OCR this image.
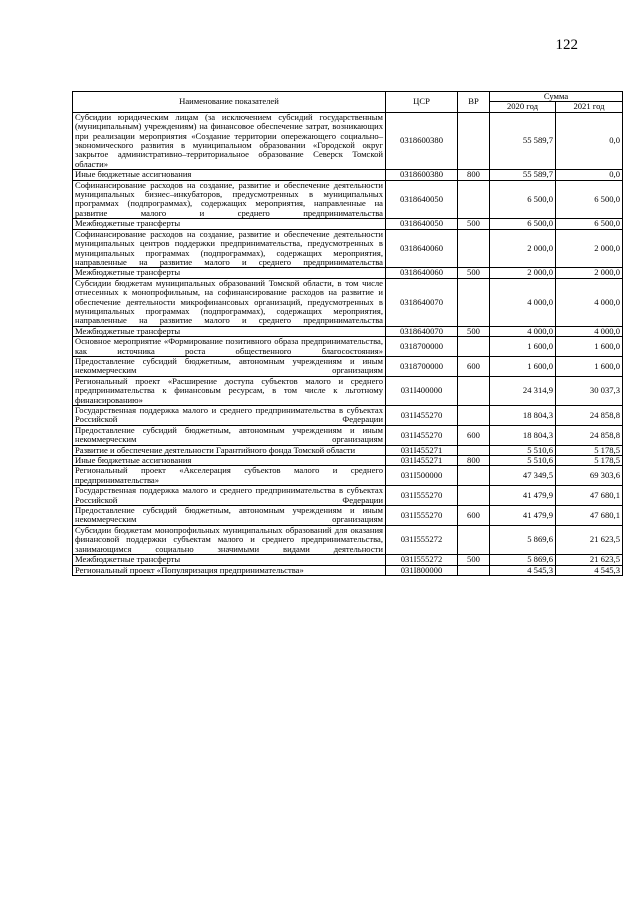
122
Наименование показателей	ЦСР	ВР	Сумма	
			2020 год	2021 год
Субсидии юридическим лицам (за исключением субсидий государственным (муниципальным) учреждениям) на финансовое обеспечение затрат, возникающих при реализации мероприятия «Создание территории опережающего социально–экономического развития в муниципальном образовании «Городской округ закрытое административно–территориальное образование Северск Томской области»	0318600380		55 589,7	0,0
Иные бюджетные ассигнования	0318600380	800	55 589,7	0,0
Софинансирование расходов на создание, развитие и обеспечение деятельности муниципальных бизнес–инкубаторов, предусмотренных в муниципальных программах (подпрограммах), содержащих мероприятия, направленные на развитие малого и среднего предпринимательства	0318640050		6 500,0	6 500,0
Межбюджетные трансферты	0318640050	500	6 500,0	6 500,0
Софинансирование расходов на создание, развитие и обеспечение деятельности муниципальных центров поддержки предпринимательства, предусмотренных в муниципальных программах (подпрограммах), содержащих мероприятия, направленные на развитие малого и среднего предпринимательства	0318640060		2 000,0	2 000,0
Межбюджетные трансферты	0318640060	500	2 000,0	2 000,0
Субсидии бюджетам муниципальных образований Томской области, в том числе отнесенных к монопрофильным, на софинансирование расходов на развитие и обеспечение деятельности микрофинансовых организаций, предусмотренных в муниципальных программах (подпрограммах), содержащих мероприятия, направленные на развитие малого и среднего предпринимательства	0318640070		4 000,0	4 000,0
Межбюджетные трансферты	0318640070	500	4 000,0	4 000,0
Основное мероприятие «Формирование позитивного образа предпринимательства, как источника роста общественного благосостояния»	0318700000		1 600,0	1 600,0
Предоставление субсидий бюджетным, автономным учреждениям и иным некоммерческим организациям	0318700000	600	1 600,0	1 600,0
Региональный проект «Расширение доступа субъектов малого и среднего предпринимательства к финансовым ресурсам, в том числе к льготному финансированию»	031I400000		24 314,9	30 037,3
Государственная поддержка малого и среднего предпринимательства в субъектах Российской Федерации	031I455270		18 804,3	24 858,8
Предоставление субсидий бюджетным, автономным учреждениям и иным некоммерческим организациям	031I455270	600	18 804,3	24 858,8
Развитие и обеспечение деятельности Гарантийного фонда Томской области	031I455271		5 510,6	5 178,5
Иные бюджетные ассигнования	031I455271	800	5 510,6	5 178,5
Региональный проект «Акселерация субъектов малого и среднего предпринимательства»	031I500000		47 349,5	69 303,6
Государственная поддержка малого и среднего предпринимательства в субъектах Российской Федерации	031I555270		41 479,9	47 680,1
Предоставление субсидий бюджетным, автономным учреждениям и иным некоммерческим организациям	031I555270	600	41 479,9	47 680,1
Субсидии бюджетам монопрофильных муниципальных образований для оказания финансовой поддержки субъектам малого и среднего предпринимательства, занимающимся социально значимыми видами деятельности	031I555272		5 869,6	21 623,5
Межбюджетные трансферты	031I555272	500	5 869,6	21 623,5
Региональный проект «Популяризация предпринимательства»	031I800000		4 545,3	4 545,3
